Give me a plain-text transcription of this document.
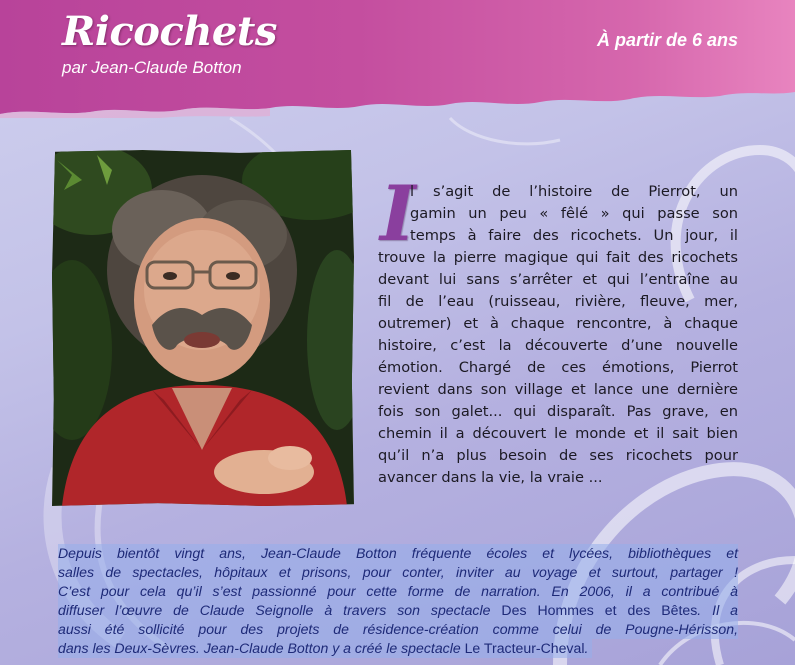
Ricochets
par Jean-Claude Botton
À partir de 6 ans
I
l s’agit de l’histoire de Pierrot, un
gamin un peu « fêlé » qui passe son
temps à faire des ricochets. Un jour, il
trouve la pierre magique qui fait des ricochets
devant lui sans s’arrêter et qui l’entraîne au
fil de l’eau (ruisseau, rivière, fleuve, mer,
outremer) et à chaque rencontre, à chaque
histoire, c’est la découverte d’une nouvelle
émotion. Chargé de ces émotions, Pierrot
revient dans son village et lance une dernière
fois son galet... qui disparaît. Pas grave, en
chemin il a découvert le monde et il sait bien
qu’il n’a plus besoin de ses ricochets pour
avancer dans la vie, la vraie ...
Depuis bientôt vingt ans, Jean-Claude Botton fréquente écoles et lycées, bibliothèques et
salles de spectacles, hôpitaux et prisons, pour conter, inviter au voyage et surtout, partager !
C’est pour cela qu’il s’est passionné pour cette forme de narration. En 2006, il a contribué à
diffuser l’œuvre de Claude Seignolle à travers son spectacle Des Hommes et des Bêtes. Il a
aussi été sollicité pour des projets de résidence-création comme celui de Pougne-Hérisson,
dans les Deux-Sèvres. Jean-Claude Botton y a créé le spectacle Le Tracteur-Cheval.
